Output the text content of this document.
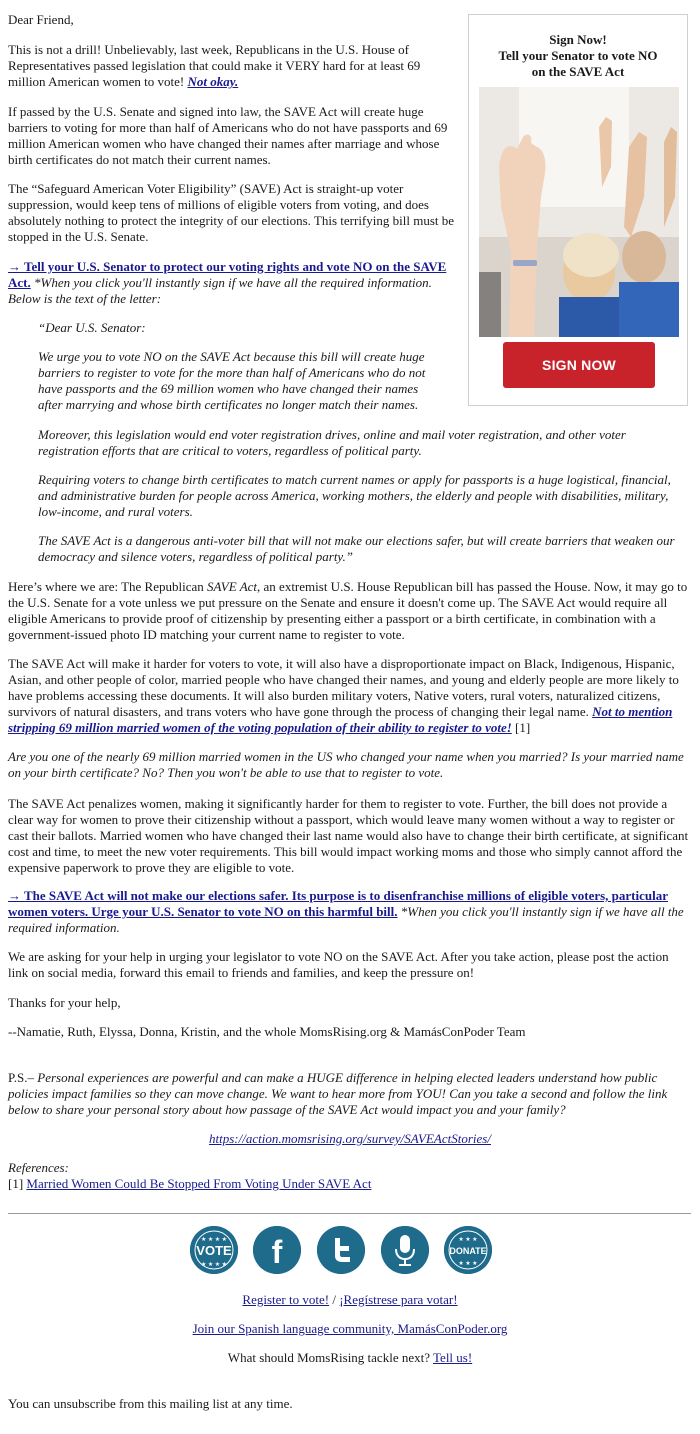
Dear Friend,

This is not a drill! Unbelievably, last week, Republicans in the U.S. House of Representatives passed legislation that could make it VERY hard for at least 69 million American women to vote! Not okay.

If passed by the U.S. Senate and signed into law, the SAVE Act will create huge barriers to voting for more than half of Americans who do not have passports and 69 million American women who have changed their names after marriage and whose birth certificates do not match their current names.

The “Safeguard American Voter Eligibility” (SAVE) Act is straight-up voter suppression, would keep tens of millions of eligible voters from voting, and does absolutely nothing to protect the integrity of our elections. This terrifying bill must be stopped in the U.S. Senate.

→ Tell your U.S. Senator to protect our voting rights and vote NO on the SAVE Act. *When you click you'll instantly sign if we have all the required information. Below is the text of the letter:

“Dear U.S. Senator:

We urge you to vote NO on the SAVE Act because this bill will create huge barriers to register to vote for the more than half of Americans who do not have passports and the 69 million women who have changed their names after marrying and whose birth certificates no longer match their names.

Moreover, this legislation would end voter registration drives, online and mail voter registration, and other voter registration efforts that are critical to voters, regardless of political party.

Requiring voters to change birth certificates to match current names or apply for passports is a huge logistical, financial, and administrative burden for people across America, working mothers, the elderly and people with disabilities, military, low-income, and rural voters.

The SAVE Act is a dangerous anti-voter bill that will not make our elections safer, but will create barriers that weaken our democracy and silence voters, regardless of political party.”

Sign Now!
Tell your Senator to vote NO
on the SAVE Act
SIGN NOW

Here’s where we are: The Republican SAVE Act, an extremist U.S. House Republican bill has passed the House. Now, it may go to the U.S. Senate for a vote unless we put pressure on the Senate and ensure it doesn't come up. The SAVE Act would require all eligible Americans to provide proof of citizenship by presenting either a passport or a birth certificate, in combination with a government-issued photo ID matching your current name to register to vote.

The SAVE Act will make it harder for voters to vote, it will also have a disproportionate impact on Black, Indigenous, Hispanic, Asian, and other people of color, married people who have changed their names, and young and elderly people are more likely to have problems accessing these documents. It will also burden military voters, Native voters, rural voters, naturalized citizens, survivors of natural disasters, and trans voters who have gone through the process of changing their legal name. Not to mention stripping 69 million married women of the voting population of their ability to register to vote! [1]

Are you one of the nearly 69 million married women in the US who changed your name when you married? Is your married name on your birth certificate? No? Then you won't be able to use that to register to vote.

The SAVE Act penalizes women, making it significantly harder for them to register to vote. Further, the bill does not provide a clear way for women to prove their citizenship without a passport, which would leave many women without a way to register or cast their ballots. Married women who have changed their last name would also have to change their birth certificate, at significant cost and time, to meet the new voter requirements. This bill would impact working moms and those who simply cannot afford the expensive paperwork to prove they are eligible to vote.

→ The SAVE Act will not make our elections safer. Its purpose is to disenfranchise millions of eligible voters, particular women voters. Urge your U.S. Senator to vote NO on this harmful bill. *When you click you'll instantly sign if we have all the required information.

We are asking for your help in urging your legislator to vote NO on the SAVE Act. After you take action, please post the action link on social media, forward this email to friends and families, and keep the pressure on!

Thanks for your help,

--Namatie, Ruth, Elyssa, Donna, Kristin, and the whole MomsRising.org & MamásConPoder Team

P.S.– Personal experiences are powerful and can make a HUGE difference in helping elected leaders understand how public policies impact families so they can move change. We want to hear more from YOU! Can you take a second and follow the link below to share your personal story about how passage of the SAVE Act would impact you and your family?

https://action.momsrising.org/survey/SAVEActStories/

References:

[1] Married Women Could Be Stopped From Voting Under SAVE Act

VOTE
★ ★ ★ ★
★ ★ ★ ★ f	DONATE
★ ★ ★
★ ★ ★

Register to vote! / ¡Regístrese para votar!

Join our Spanish language community, MamásConPoder.org

What should MomsRising tackle next? Tell us!

You can unsubscribe from this mailing list at any time.
